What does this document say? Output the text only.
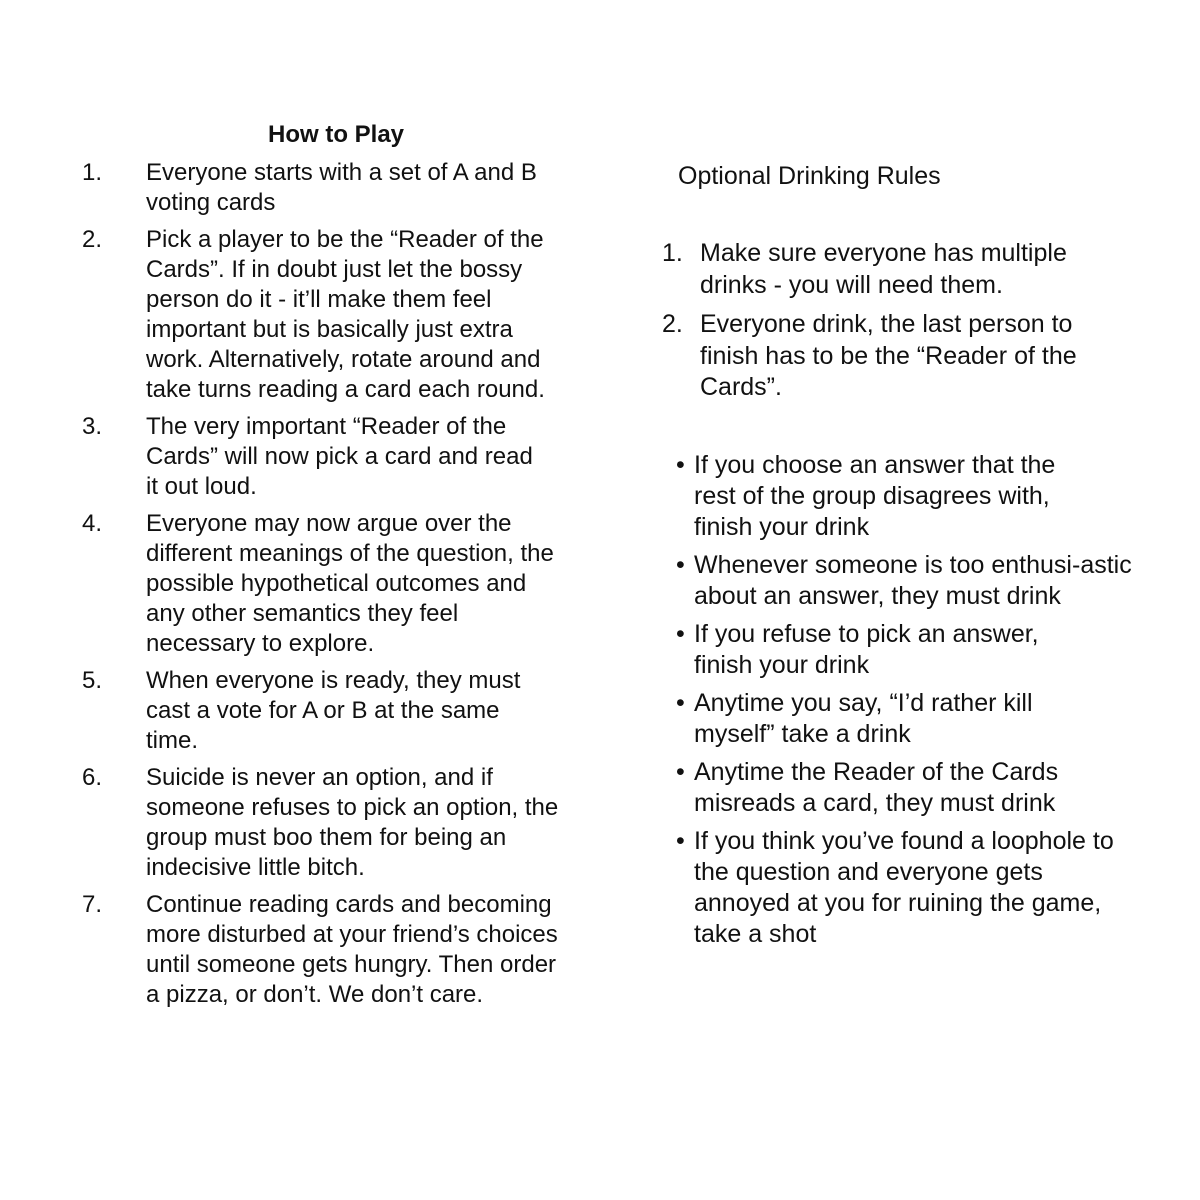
How to Play
1.	Everyone starts with a set of A and B voting cards
2.	Pick a player to be the “Reader of the Cards”. If in doubt just let the bossy person do it - it’ll make them feel important but is basically just extra work. Alternatively, rotate around and take turns reading a card each round.
3.	The very important “Reader of the Cards” will now pick a card and read it out loud.
4.	Everyone may now argue over the different meanings of the question, the possible hypothetical outcomes and any other semantics they feel necessary to explore.
5.	When everyone is ready, they must cast a vote for A or B at the same time.
6.	Suicide is never an option, and if someone refuses to pick an option, the group must boo them for being an indecisive little bitch.
7.	Continue reading cards and becoming more disturbed at your friend’s choices until someone gets hungry. Then order a pizza, or don’t. We don’t care.
Optional Drinking Rules
1. Make sure everyone has multiple drinks - you will need them.
2. Everyone drink, the last person to finish has to be the “Reader of the Cards”.
• If you choose an answer that the rest of the group disagrees with, finish your drink
• Whenever someone is too enthusi-astic about an answer, they must drink
• If you refuse to pick an answer, finish your drink
• Anytime you say, “I’d rather kill myself” take a drink
• Anytime the Reader of the Cards misreads a card, they must drink
• If you think you’ve found a loophole to the question and everyone gets annoyed at you for ruining the game, take a shot
